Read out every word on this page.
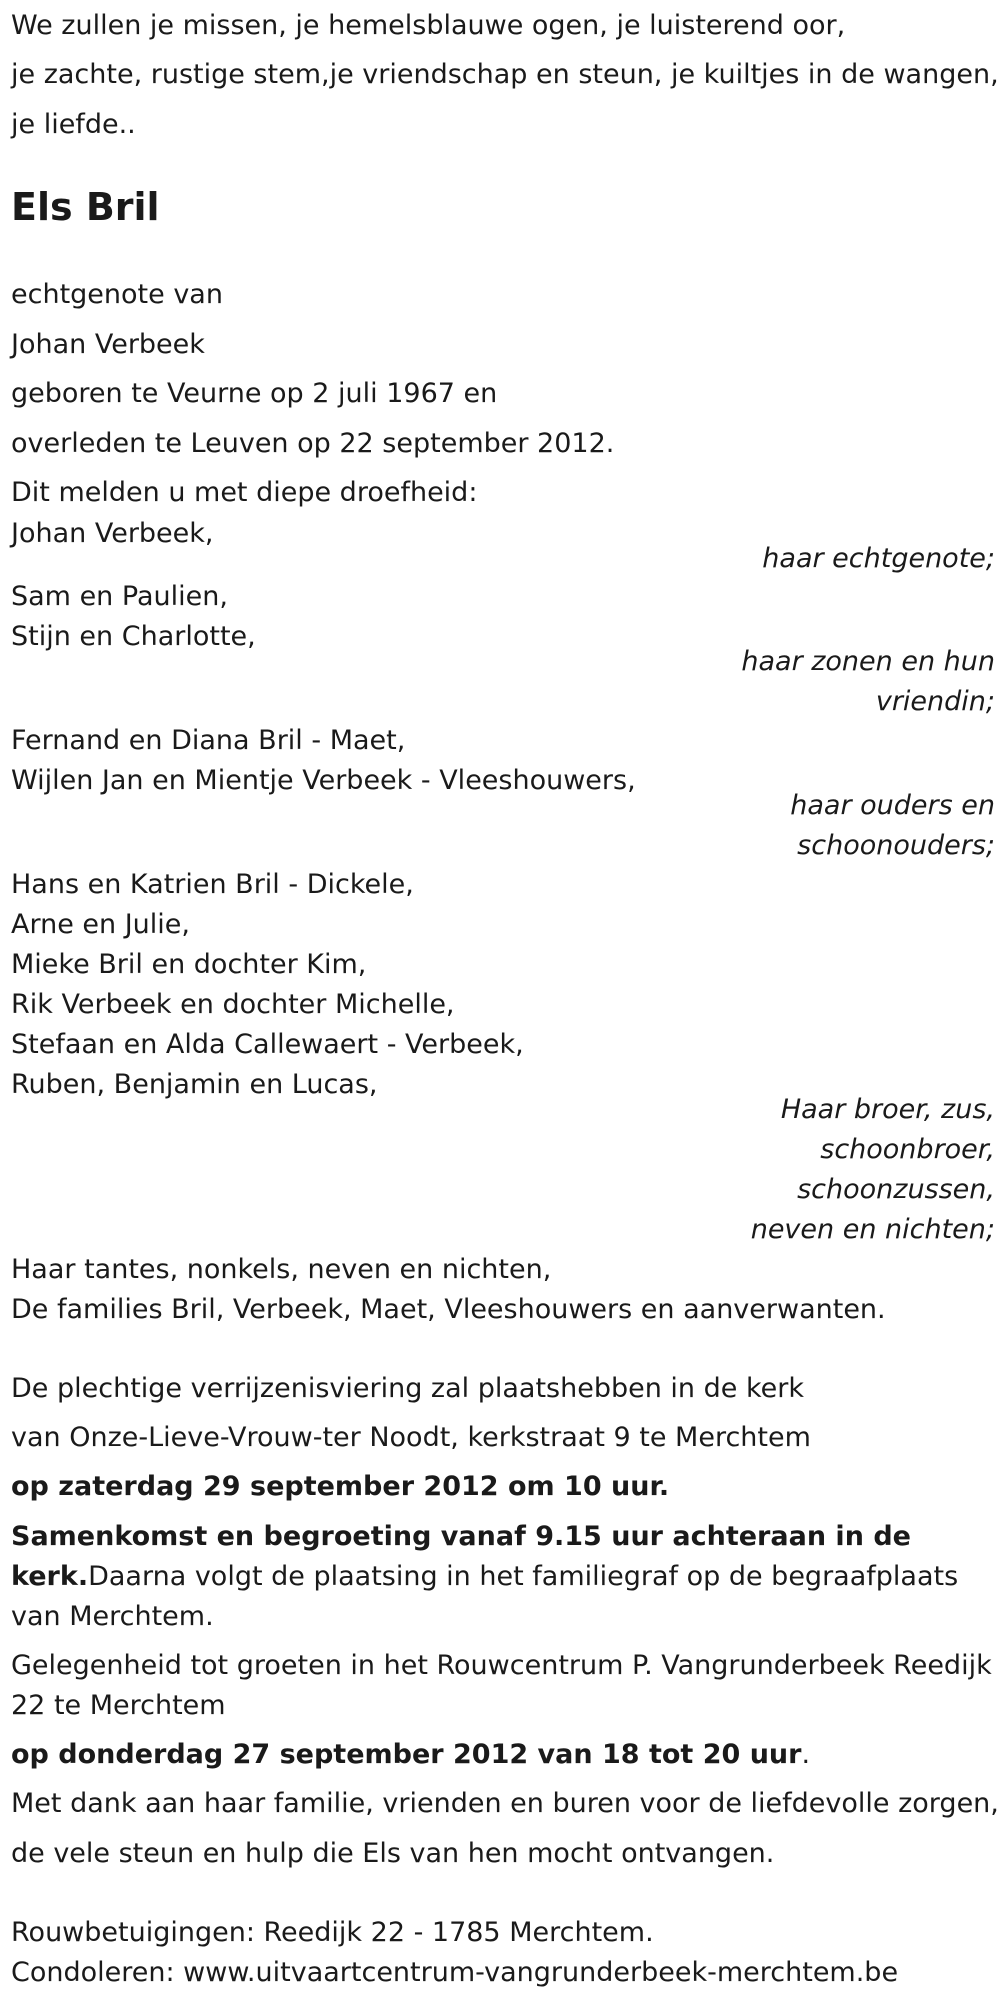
We zullen je missen, je hemelsblauwe ogen, je luisterend oor,
je zachte, rustige stem,je vriendschap en steun, je kuiltjes in de wangen,
je liefde..
Els Bril
echtgenote van
Johan Verbeek
geboren te Veurne op 2 juli 1967 en
overleden te Leuven op 22 september 2012.
Dit melden u met diepe droefheid:
Johan Verbeek,
haar echtgenote;
Sam en Paulien,
Stijn en Charlotte,
haar zonen en hun
vriendin;
Fernand en Diana Bril - Maet,
Wijlen Jan en Mientje Verbeek - Vleeshouwers,
haar ouders en
schoonouders;
Hans en Katrien Bril - Dickele,
Arne en Julie,
Mieke Bril en dochter Kim,
Rik Verbeek en dochter Michelle,
Stefaan en Alda Callewaert - Verbeek,
Ruben, Benjamin en Lucas,
Haar broer, zus,
schoonbroer,
schoonzussen,
neven en nichten;
Haar tantes, nonkels, neven en nichten,
De families Bril, Verbeek, Maet, Vleeshouwers en aanverwanten.
De plechtige verrijzenisviering zal plaatshebben in de kerk
van Onze-Lieve-Vrouw-ter Noodt, kerkstraat 9 te Merchtem
op zaterdag 29 september 2012 om 10 uur.
Samenkomst en begroeting vanaf 9.15 uur achteraan in de
kerk.Daarna volgt de plaatsing in het familiegraf op de begraafplaats
van Merchtem.
Gelegenheid tot groeten in het Rouwcentrum P. Vangrunderbeek Reedijk
22 te Merchtem
op donderdag 27 september 2012 van 18 tot 20 uur.
Met dank aan haar familie, vrienden en buren voor de liefdevolle zorgen,
de vele steun en hulp die Els van hen mocht ontvangen.
Rouwbetuigingen: Reedijk 22 - 1785 Merchtem.
Condoleren: www.uitvaartcentrum-vangrunderbeek-merchtem.be
